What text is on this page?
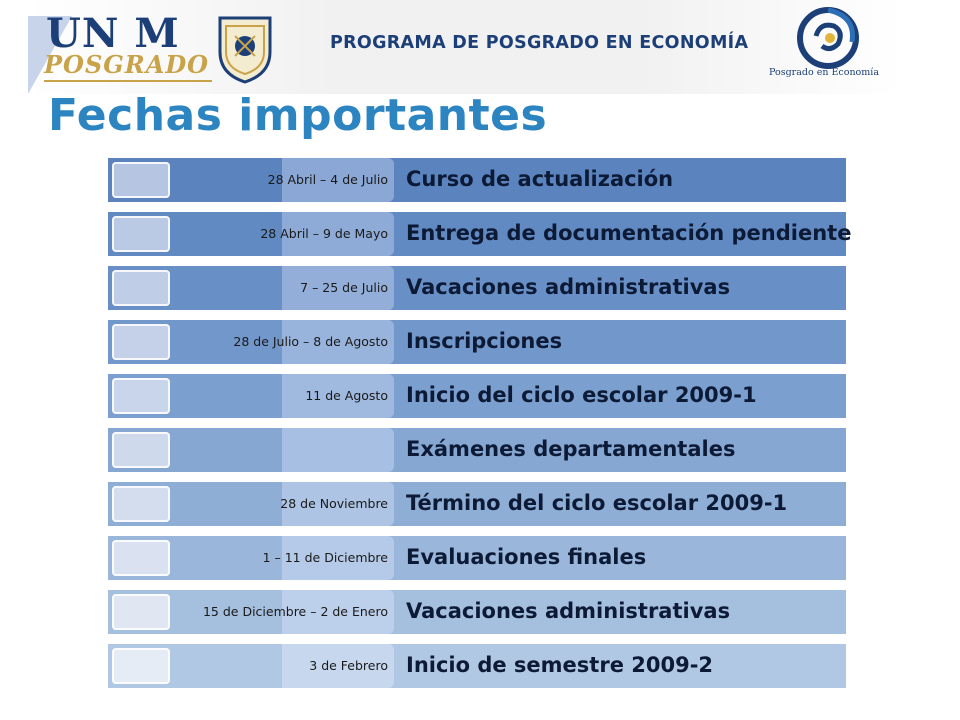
UN M
POSGRADO
PROGRAMA DE POSGRADO EN ECONOMÍA
Posgrado en Economía
Fechas importantes
28 Abril – 4 de Julio Curso de actualización
28 Abril – 9 de Mayo Entrega de documentación pendiente
7 – 25 de Julio Vacaciones administrativas
28 de Julio – 8 de Agosto Inscripciones
11 de Agosto Inicio del ciclo escolar 2009-1
Exámenes departamentales
28 de Noviembre Término del ciclo escolar 2009-1
1 – 11 de Diciembre Evaluaciones finales
15 de Diciembre – 2 de Enero Vacaciones administrativas
3 de Febrero Inicio de semestre 2009-2
